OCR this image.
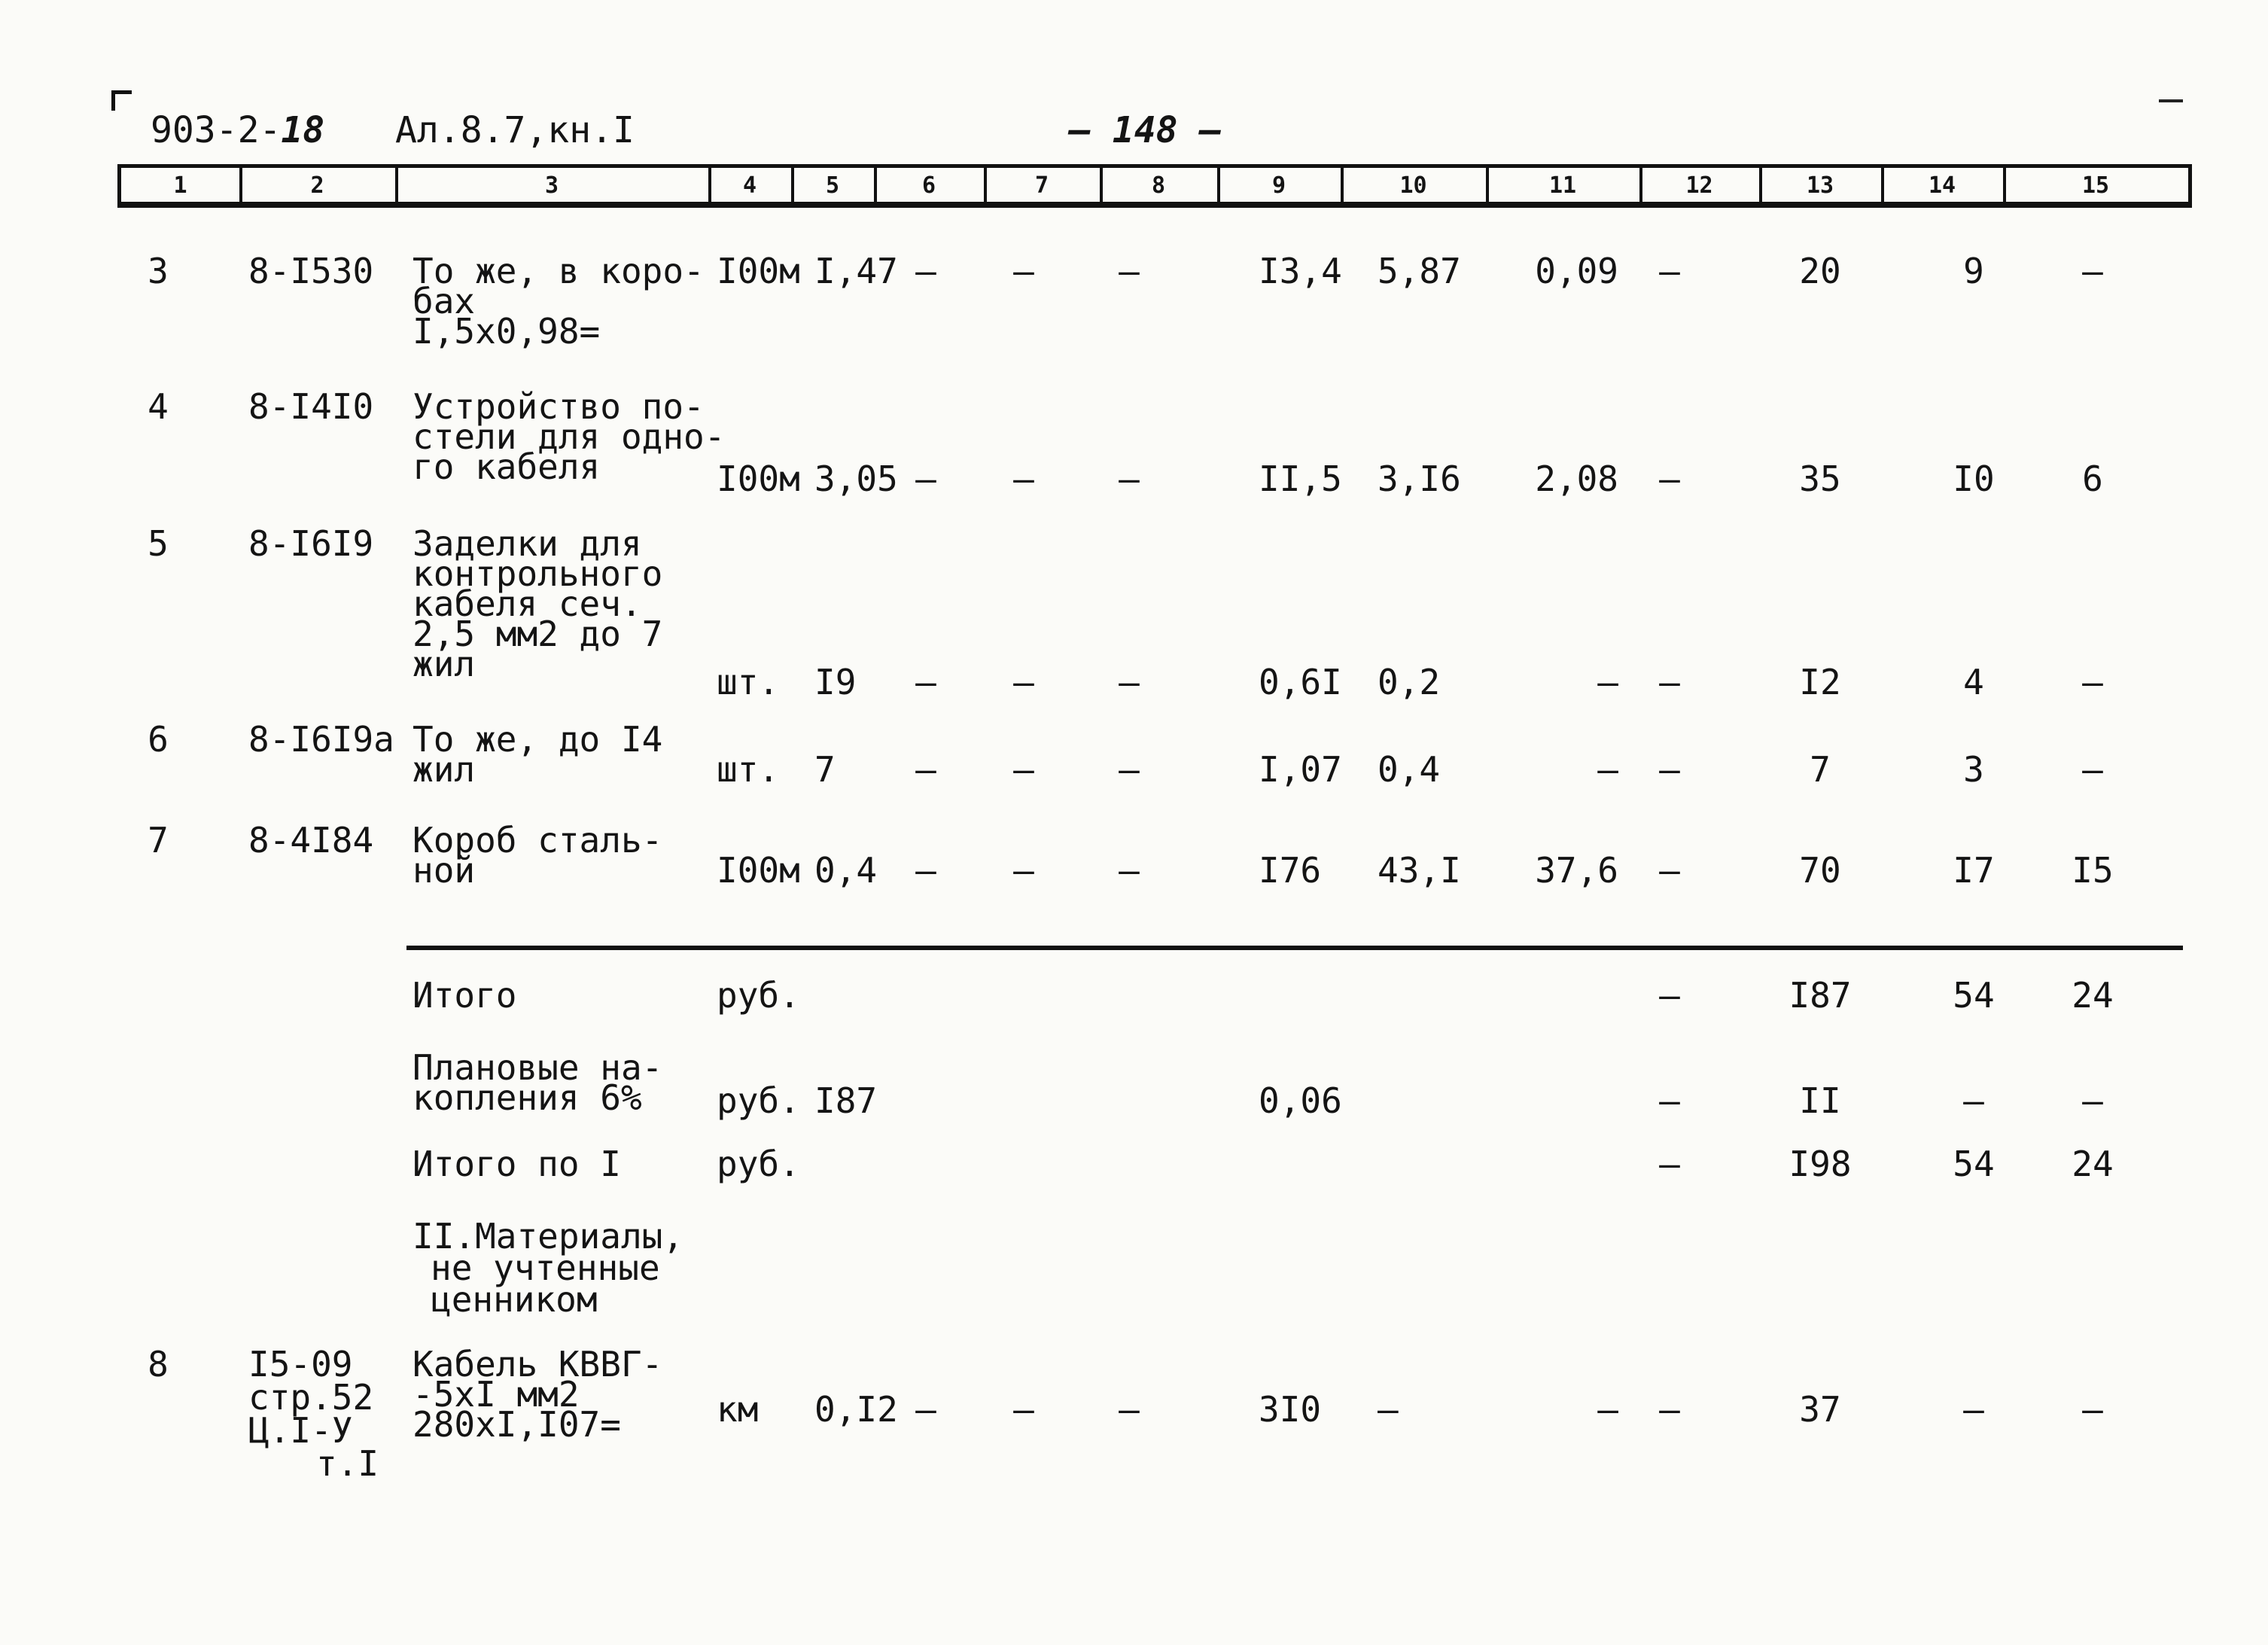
903-2-18 Ал.8.7,кн.I	— 148 —
1	2	3	4	5	6	7	8	9	10	11	12	13	14	15
3 8-I530 То же, в коро-
бах
I,5x0,98=
I00м I,47 – – –	I3,4 5,87 0,09 –	20	9	–
4 8-I4I0 Устройство по-
стели для одно-
го кабеля	I00м 3,05 – – –	II,5 3,I6 2,08 –	35	I0	6
5 8-I6I9 Заделки для
контрольного
кабеля сеч.
2,5 мм2 до 7
жил	шт. I9 – – –	0,6I 0,2	– –	I2	4	–
6 8-I6I9а То же, до I4
жил	шт. 7 – – –	I,07 0,4	– –	7	3	–
7 8-4I84 Короб сталь-
ной	I00м 0,4 – – –	I76 43,I 37,6 –	70	I7 I5
Итого	руб.	–	I87	54 24
Плановые на-
копления 6% руб. I87	0,06	–	II	–	–
Итого по I	руб.	–	I98	54 24
II.Материалы,
не учтенные
ценником
8 I5-09
стр.52
Ц.I-У
т.I
Кабель КВВГ-
-5xI мм2
280xI,I07=	км 0,I2 – – –	3I0 –	– –	37	–	–
